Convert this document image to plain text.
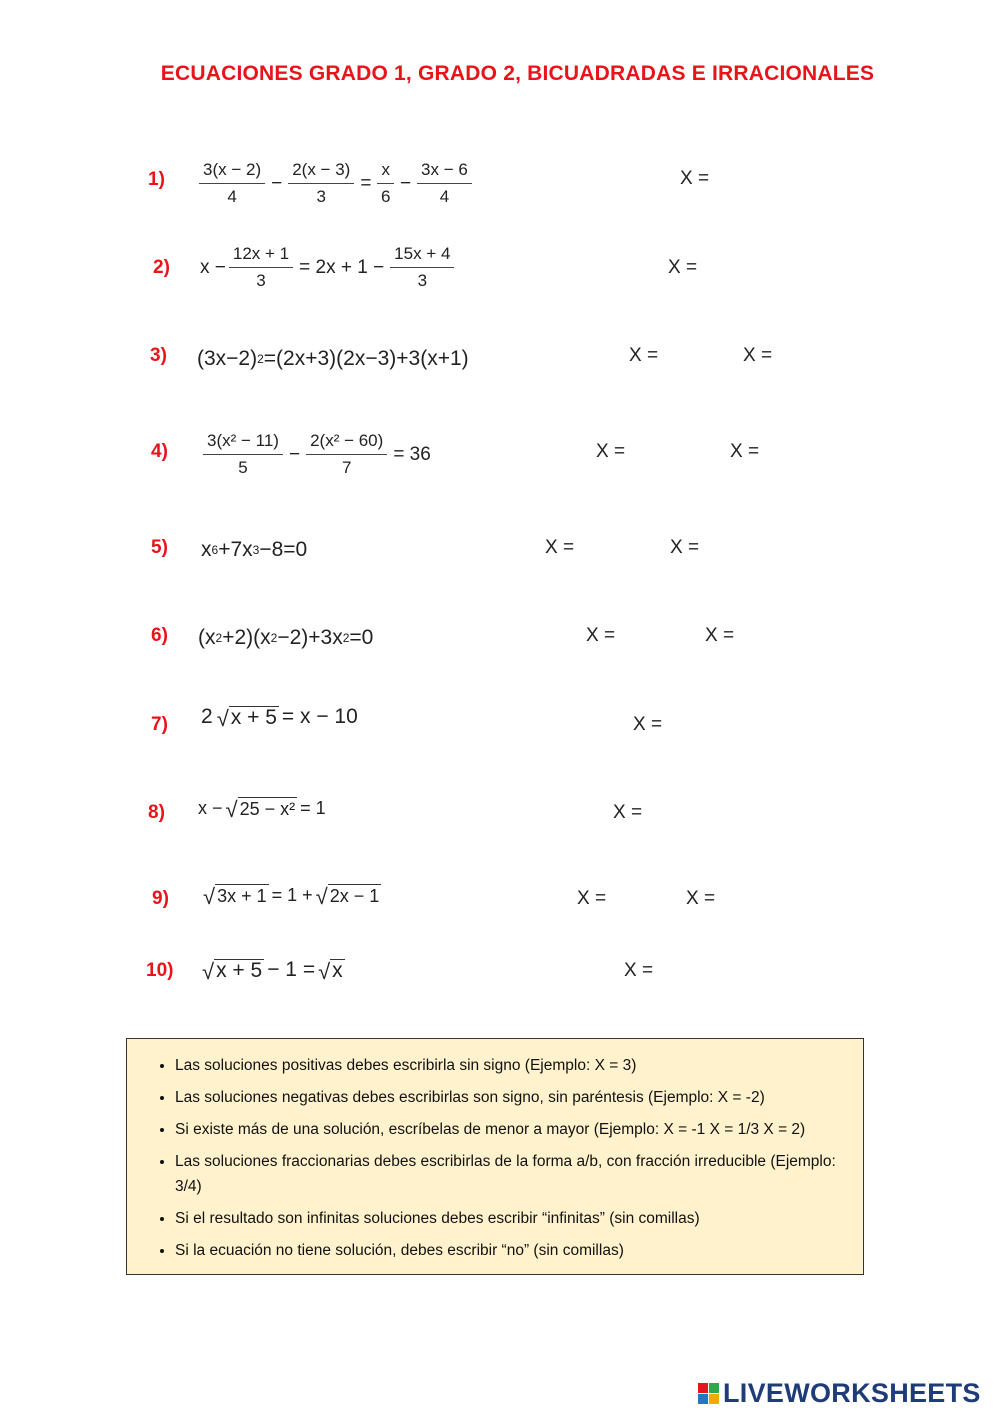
ECUACIONES GRADO 1, GRADO 2, BICUADRADAS E IRRACIONALES
$1) \frac{3(x - 2)}{4} - \frac{2(x - 3)}{3} = \frac{x}{6} - \frac{3x - 6}{4}$	X =
2) $x - \frac{12x + 1}{3} = 2x + 1 - \frac{15x + 4}{3}$	X =
3) (3x−2) 2 =(2x+3)(2x−3)+3(x+1)	X =	X =
$4) \frac{\text{3(x² − 11)}}{5} - \frac{\text{2(x² − 60)}}{7} = 36$	X =	X =
5) x 6 +7x 3 −8=0	X =	X =
6) (x 2 +2)(x 2 −2)+3x 2 =0	X =	X =
7) 2 √ x + 5 = x − 10	X =
8) x − √ 25 − x² = 1	X =
9) √ 3x + 1 = 1 + √ 2x − 1	X =	X =
10) √ x + 5 − 1 = √ x	X =
• Las soluciones positivas debes escribirla sin signo (Ejemplo: X = 3)
• Las soluciones negativas debes escribirlas son signo, sin paréntesis (Ejemplo: X = -2)
• Si existe más de una solución, escríbelas de menor a mayor (Ejemplo: X = -1 X = 1/3 X = 2)
• Las soluciones fraccionarias debes escribirlas de la forma a/b, con fracción irreducible (Ejemplo: 3/4)
• Si el resultado son infinitas soluciones debes escribir “infinitas” (sin comillas)
• Si la ecuación no tiene solución, debes escribir “no” (sin comillas)
LIVEWORKSHEETS
